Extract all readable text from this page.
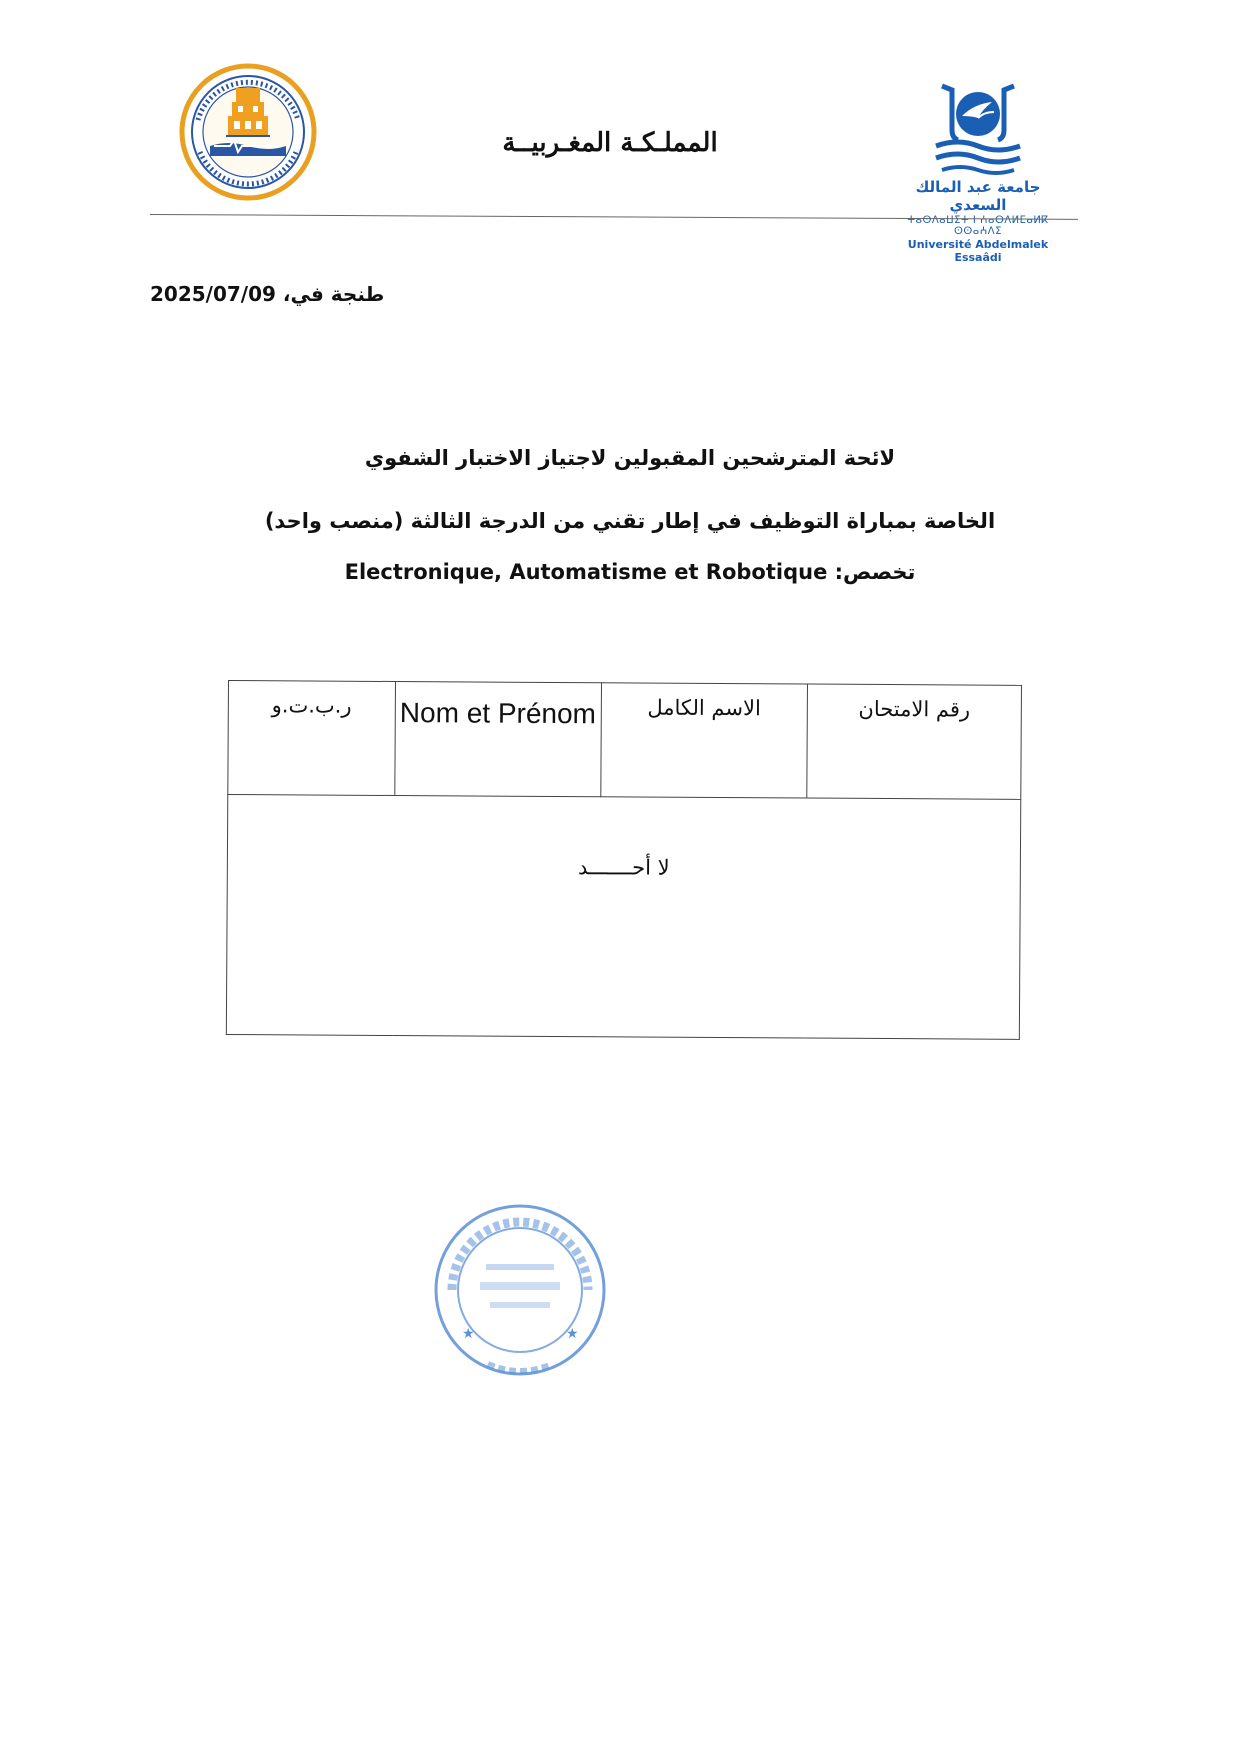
المملـكـة المغـربيــة
جامعة عبد المالك السعدي
ⵜⴰⵙⴷⴰⵡⵉⵜ ⵏ ⵄⴰⴱⴷⵍⵎⴰⵍⴽ ⵙⵙⴰⵄⴷⵉ
Université Abdelmalek Essaâdi
طنجة في، 2025/07/09
لائحة المترشحين المقبولين لاجتياز الاختبار الشفوي
الخاصة بمباراة التوظيف في إطار تقني من الدرجة الثالثة (منصب واحد)
تخصص: Electronique, Automatisme et Robotique
ر.ب.ت.و	Nom et Prénom	الاسم الكامل	رقم الامتحان
لا أحـــــــد
★	★
